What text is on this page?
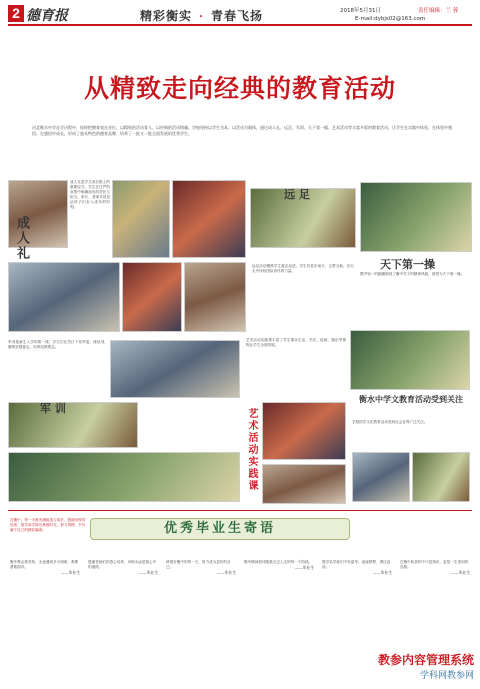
2 德育报	精彩衡实 · 青春飞扬	2018年5月31日	责任编辑：兰 蓉
E-mail:dybjs02@163.com
从精致走向经典的教育活动
河北衡水中学办学历程中，始终把德育放在首位，以精致的活动育人，以经典的活动铸魂。学校坚持以学生为本，以活动为载体，通过成人礼、远足、军训、天下第一操、艺术活动等丰富多彩的教育活动，让学生在实践中体验、在体验中感悟、在感悟中成长，形成了独具特色的德育品牌，培养了一批又一批全面发展的优秀学生。
成人礼是学生成长路上的重要仪式，学生在庄严的宣誓中明确肩负的责任与担当，家长、老师共同见证孩子们步入成年的时刻。
成人礼
远 足
远足活动锻炼学生意志品质，学生们徒步前行，互帮互助，在行走中体验团队协作的力量。	天下第一操
整齐划一的跑操展现了衡中学子的精神风貌，被誉为天下第一操。
军训是新生入学的第一课，学生们在烈日下站军姿、练队列，磨炼坚强意志，培养纪律观念。
军 训
艺术活动实践课丰富了学生课余生活，书法、绘画、器乐等课程让学生全面发展。
艺术活动实践课
衡水中学文教育活动受到关注
学校国学文化教育活动受到社会各界广泛关注。
优秀毕业生寄语
在衡中，每一天都充满挑战与成长，感谢母校的培养，愿学弟学妹们珍惜时光，努力拼搏，书写属于自己的精彩篇章。
衡中教会我坚持，无论遇到多少困难，都要勇敢面对。
——毕业生
感谢老师们的悉心培养，母校永远是我心中的港湾。
——毕业生
珍惜在衡中的每一天，努力成为更好的自己。
——毕业生
衡中精神将伴随我走过人生的每一个阶段。
——毕业生
愿学弟学妹们不负韶华，追逐梦想，勇往直前。
——毕业生
在衡中收获的不只是知识，更是一生受用的品格。
——毕业生
教参内容管理系统
学科网教参网
